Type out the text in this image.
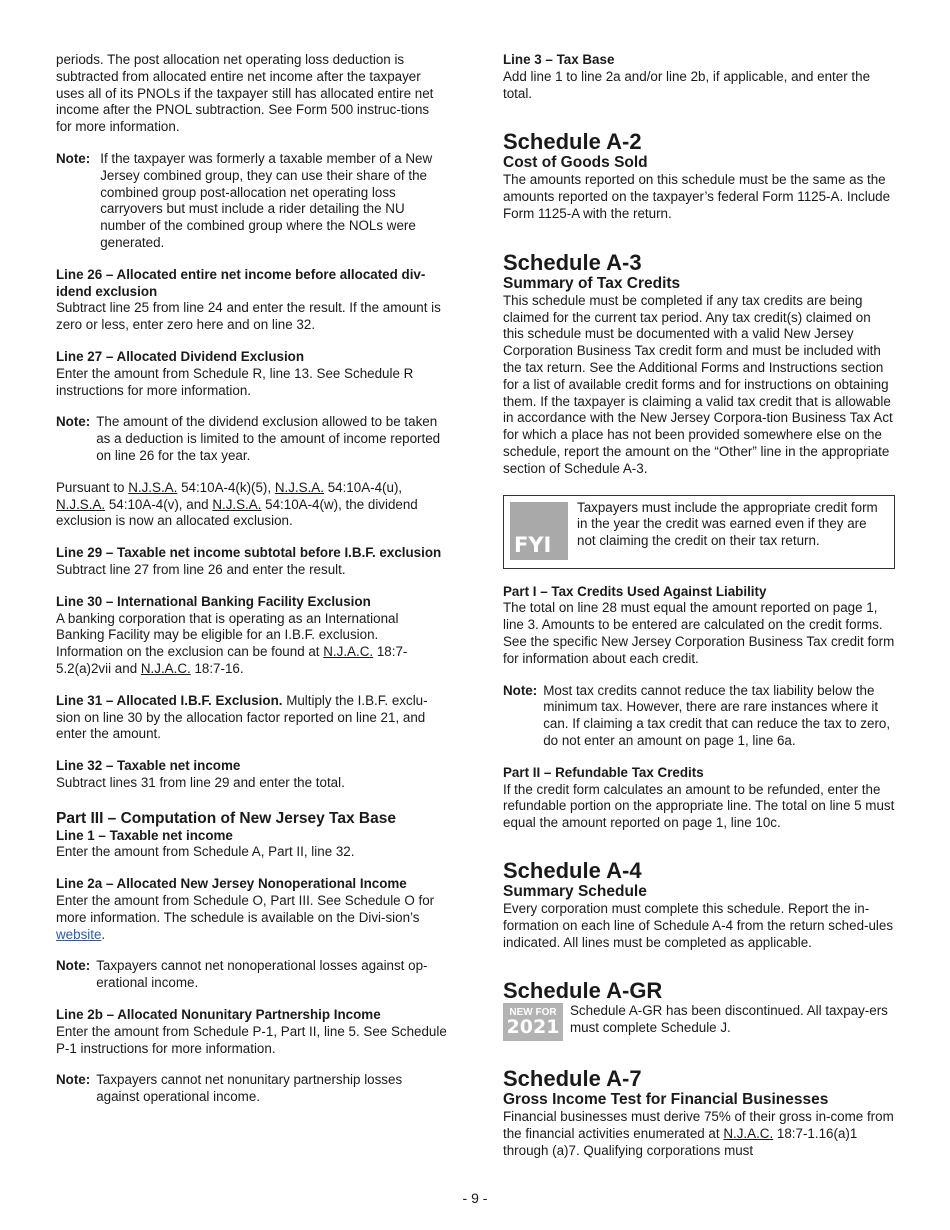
periods. The post allocation net operating loss deduction is subtracted from allocated entire net income after the taxpayer uses all of its PNOLs if the taxpayer still has allocated entire net income after the PNOL subtraction. See Form 500 instruc-tions for more information.

Note: If the taxpayer was formerly a taxable member of a New Jersey combined group, they can use their share of the combined group post-allocation net operating loss carryovers but must include a rider detailing the NU number of the combined group where the NOLs were generated.

Line 26 – Allocated entire net income before allocated div-idend exclusion

Subtract line 25 from line 24 and enter the result. If the amount is zero or less, enter zero here and on line 32.

Line 27 – Allocated Dividend Exclusion

Enter the amount from Schedule R, line 13. See Schedule R instructions for more information.

Note: The amount of the dividend exclusion allowed to be taken as a deduction is limited to the amount of income reported on line 26 for the tax year.

Pursuant to N.J.S.A. 54:10A-4(k)(5), N.J.S.A. 54:10A-4(u), N.J.S.A. 54:10A-4(v), and N.J.S.A. 54:10A-4(w), the dividend exclusion is now an allocated exclusion.

Line 29 – Taxable net income subtotal before I.B.F. exclusion

Subtract line 27 from line 26 and enter the result.

Line 30 – International Banking Facility Exclusion

A banking corporation that is operating as an International Banking Facility may be eligible for an I.B.F. exclusion. Information on the exclusion can be found at N.J.A.C. 18:7-5.2(a)2vii and N.J.A.C. 18:7-16.

Line 31 – Allocated I.B.F. Exclusion. Multiply the I.B.F. exclu-sion on line 30 by the allocation factor reported on line 21, and enter the amount.

Line 32 – Taxable net income

Subtract lines 31 from line 29 and enter the total.

Part III – Computation of New Jersey Tax Base

Line 1 – Taxable net income

Enter the amount from Schedule A, Part II, line 32.

Line 2a – Allocated New Jersey Nonoperational Income

Enter the amount from Schedule O, Part III. See Schedule O for more information. The schedule is available on the Divi-sion’s website.

Note: Taxpayers cannot net nonoperational losses against op-erational income.

Line 2b – Allocated Nonunitary Partnership Income

Enter the amount from Schedule P-1, Part II, line 5. See Schedule P-1 instructions for more information.

Note: Taxpayers cannot net nonunitary partnership losses against operational income.

Line 3 – Tax Base

Add line 1 to line 2a and/or line 2b, if applicable, and enter the total.

Schedule A-2
Cost of Goods Sold

The amounts reported on this schedule must be the same as the amounts reported on the taxpayer’s federal Form 1125-A. Include Form 1125-A with the return.

Schedule A-3
Summary of Tax Credits

This schedule must be completed if any tax credits are being claimed for the current tax period. Any tax credit(s) claimed on this schedule must be documented with a valid New Jersey Corporation Business Tax credit form and must be included with the tax return. See the Additional Forms and Instructions section for a list of available credit forms and for instructions on obtaining them. If the taxpayer is claiming a valid tax credit that is allowable in accordance with the New Jersey Corpora-tion Business Tax Act for which a place has not been provided somewhere else on the schedule, report the amount on the “Other” line in the appropriate section of Schedule A-3.

FYI

Taxpayers must include the appropriate credit form in the year the credit was earned even if they are not claiming the credit on their tax return.

Part I – Tax Credits Used Against Liability

The total on line 28 must equal the amount reported on page 1, line 3. Amounts to be entered are calculated on the credit forms. See the specific New Jersey Corporation Business Tax credit form for information about each credit.

Note: Most tax credits cannot reduce the tax liability below the minimum tax. However, there are rare instances where it can. If claiming a tax credit that can reduce the tax to zero, do not enter an amount on page 1, line 6a.

Part II – Refundable Tax Credits

If the credit form calculates an amount to be refunded, enter the refundable portion on the appropriate line. The total on line 5 must equal the amount reported on page 1, line 10c.

Schedule A-4
Summary Schedule

Every corporation must complete this schedule. Report the in-formation on each line of Schedule A-4 from the return sched-ules indicated. All lines must be completed as applicable.

Schedule A-GR
NEW FOR
2021

Schedule A-GR has been discontinued. All taxpay-ers must complete Schedule J.

Schedule A-7
Gross Income Test for Financial Businesses

Financial businesses must derive 75% of their gross in-come from the financial activities enumerated at N.J.A.C. 18:7-1.16(a)1 through (a)7. Qualifying corporations must

- 9 -
